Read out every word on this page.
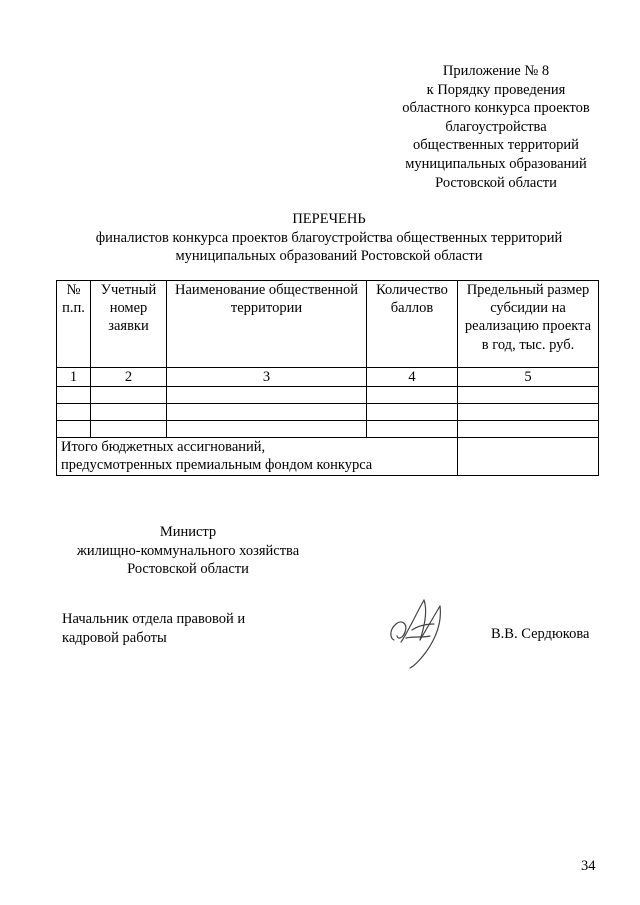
Приложение № 8
к Порядку проведения
областного конкурса проектов
благоустройства
общественных территорий
муниципальных образований
Ростовской области
ПЕРЕЧЕНЬ
финалистов конкурса проектов благоустройства общественных территорий
муниципальных образований Ростовской области
№ п.п.	Учетный номер заявки	Наименование общественной территории	Количество баллов	Предельный размер субсидии на реализацию проекта в год, тыс. руб.
1	2	3	4	5

Итого бюджетных ассигнований,
предусмотренных премиальным фондом конкурса				
Министр
жилищно-коммунального хозяйства
Ростовской области
Начальник отдела правовой и
кадровой работы	В.В. Сердюкова
34
